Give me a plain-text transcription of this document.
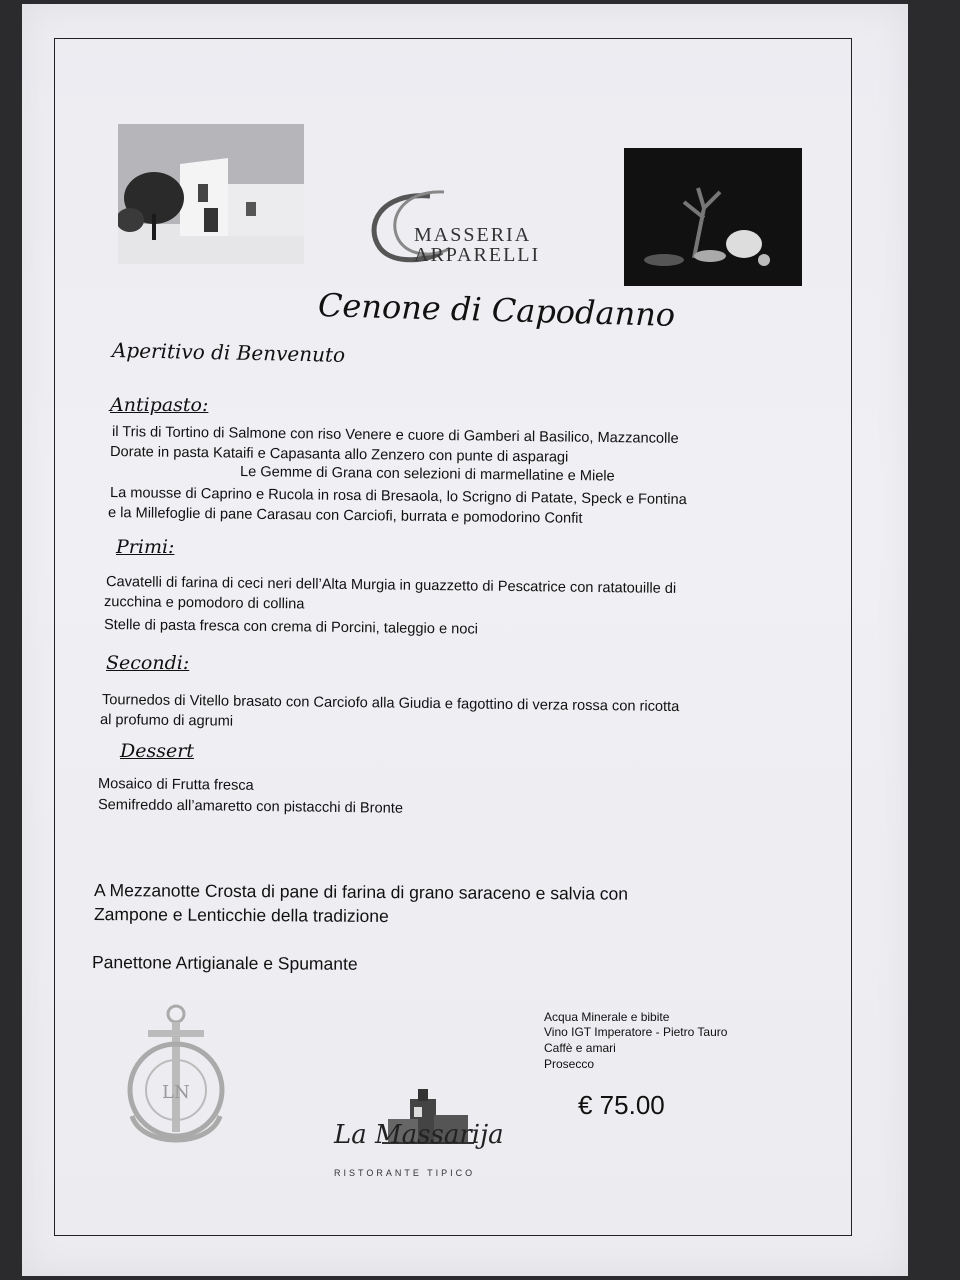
MASSERIA
ARPARELLI
Cenone di Capodanno
Aperitivo di Benvenuto
Antipasto:
il Tris di Tortino di Salmone con riso Venere e cuore di Gamberi al Basilico, Mazzancolle
Dorate in pasta Kataifi e Capasanta allo Zenzero con punte di asparagi
Le Gemme di Grana con selezioni di marmellatine e Miele
La mousse di Caprino e Rucola in rosa di Bresaola, lo Scrigno di Patate, Speck e Fontina
e la Millefoglie di pane Carasau con Carciofi, burrata e pomodorino Confit
Primi:
Cavatelli di farina di ceci neri dell’Alta Murgia in guazzetto di Pescatrice con ratatouille di
zucchina e pomodoro di collina
Stelle di pasta fresca con crema di Porcini, taleggio e noci
Secondi:
Tournedos di Vitello brasato con Carciofo alla Giudia e fagottino di verza rossa con ricotta
al profumo di agrumi
Dessert
Mosaico di Frutta fresca
Semifreddo all’amaretto con pistacchi di Bronte
A Mezzanotte Crosta di pane di farina di grano saraceno e salvia con
Zampone e Lenticchie della tradizione
Panettone Artigianale e Spumante
Acqua Minerale e bibite
Vino IGT Imperatore - Pietro Tauro
Caffè e amari
Prosecco
€ 75.00
LN
La Massarija
RISTORANTE TIPICO
